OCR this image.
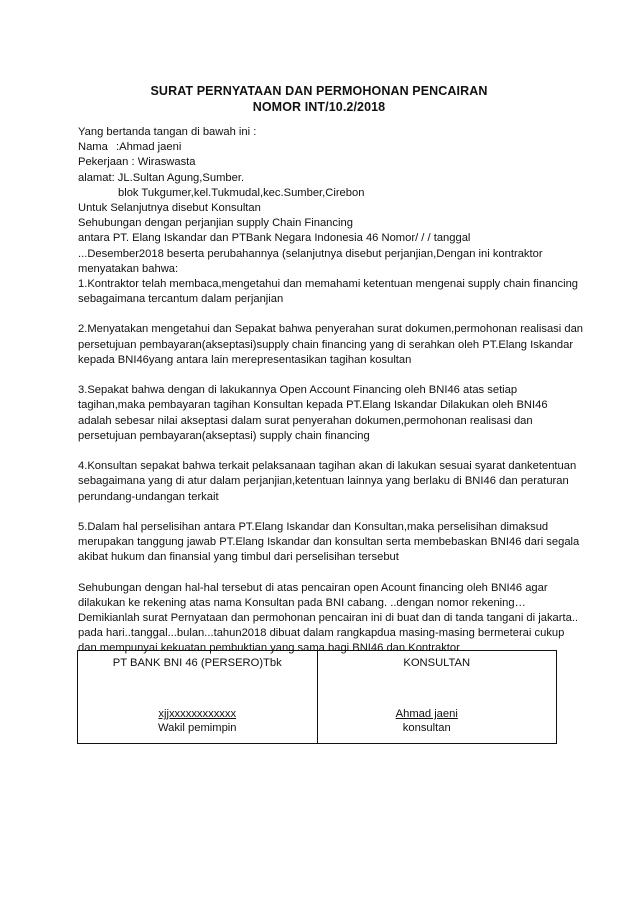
SURAT PERNYATAAN DAN PERMOHONAN PENCAIRAN
NOMOR INT/10.2/2018
Yang bertanda tangan di bawah ini :
Nama :Ahmad jaeni
Pekerjaan : Wiraswasta
alamat: JL.Sultan Agung,Sumber.
blok Tukgumer,kel.Tukmudal,kec.Sumber,Cirebon
Untuk Selanjutnya disebut Konsultan
Sehubungan dengan perjanjian supply Chain Financing
antara PT. Elang Iskandar dan PTBank Negara Indonesia 46 Nomor/ / / tanggal
...Desember2018 beserta perubahannya (selanjutnya disebut perjanjian,Dengan ini kontraktor
menyatakan bahwa:
1.Kontraktor telah membaca,mengetahui dan memahami ketentuan mengenai supply chain financing
sebagaimana tercantum dalam perjanjian
2.Menyatakan mengetahui dan Sepakat bahwa penyerahan surat dokumen,permohonan realisasi dan
persetujuan pembayaran(akseptasi)supply chain financing yang di serahkan oleh PT.Elang Iskandar
kepada BNI46yang antara lain merepresentasikan tagihan kosultan
3.Sepakat bahwa dengan di lakukannya Open Account Financing oleh BNI46 atas setiap
tagihan,maka pembayaran tagihan Konsultan kepada PT.Elang Iskandar Dilakukan oleh BNI46
adalah sebesar nilai akseptasi dalam surat penyerahan dokumen,permohonan realisasi dan
persetujuan pembayaran(akseptasi) supply chain financing
4.Konsultan sepakat bahwa terkait pelaksanaan tagihan akan di lakukan sesuai syarat danketentuan
sebagaimana yang di atur dalam perjanjian,ketentuan lainnya yang berlaku di BNI46 dan peraturan
perundang-undangan terkait
5.Dalam hal perselisihan antara PT.Elang Iskandar dan Konsultan,maka perselisihan dimaksud
merupakan tanggung jawab PT.Elang Iskandar dan konsultan serta membebaskan BNI46 dari segala
akibat hukum dan finansial yang timbul dari perselisihan tersebut
Sehubungan dengan hal-hal tersebut di atas pencairan open Acount financing oleh BNI46 agar
dilakukan ke rekening atas nama Konsultan pada BNI cabang. ..dengan nomor rekening…
Demikianlah surat Pernyataan dan permohonan pencairan ini di buat dan di tanda tangani di jakarta..
pada hari..tanggal...bulan...tahun2018 dibuat dalam rangkapdua masing-masing bermeterai cukup
dan mempunyai kekuatan pembuktian yang sama bagi BNI46 dan Kontraktor
PT BANK BNI 46 (PERSERO)Tbk
xjjxxxxxxxxxxxx
Wakil pemimpin
KONSULTAN
Ahmad jaeni
konsultan
